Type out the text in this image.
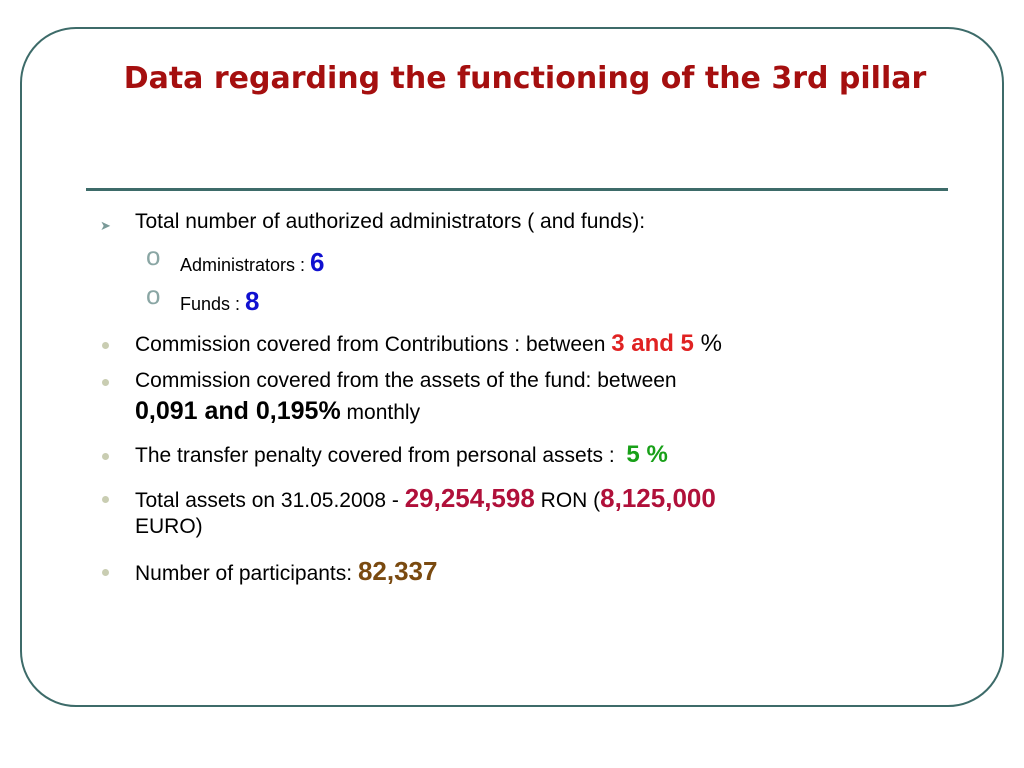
Data regarding the functioning of the 3rd pillar
➤ Total number of authorized administrators ( and funds):
o Administrators : 6
o Funds : 8
Commission covered from Contributions : between 3 and 5 %
Commission covered from the assets of the fund: between
0,091 and 0,195% monthly
The transfer penalty covered from personal assets :  5 %
Total assets on 31.05.2008 - 29,254,598 RON (8,125,000
EURO)
Number of participants: 82,337
